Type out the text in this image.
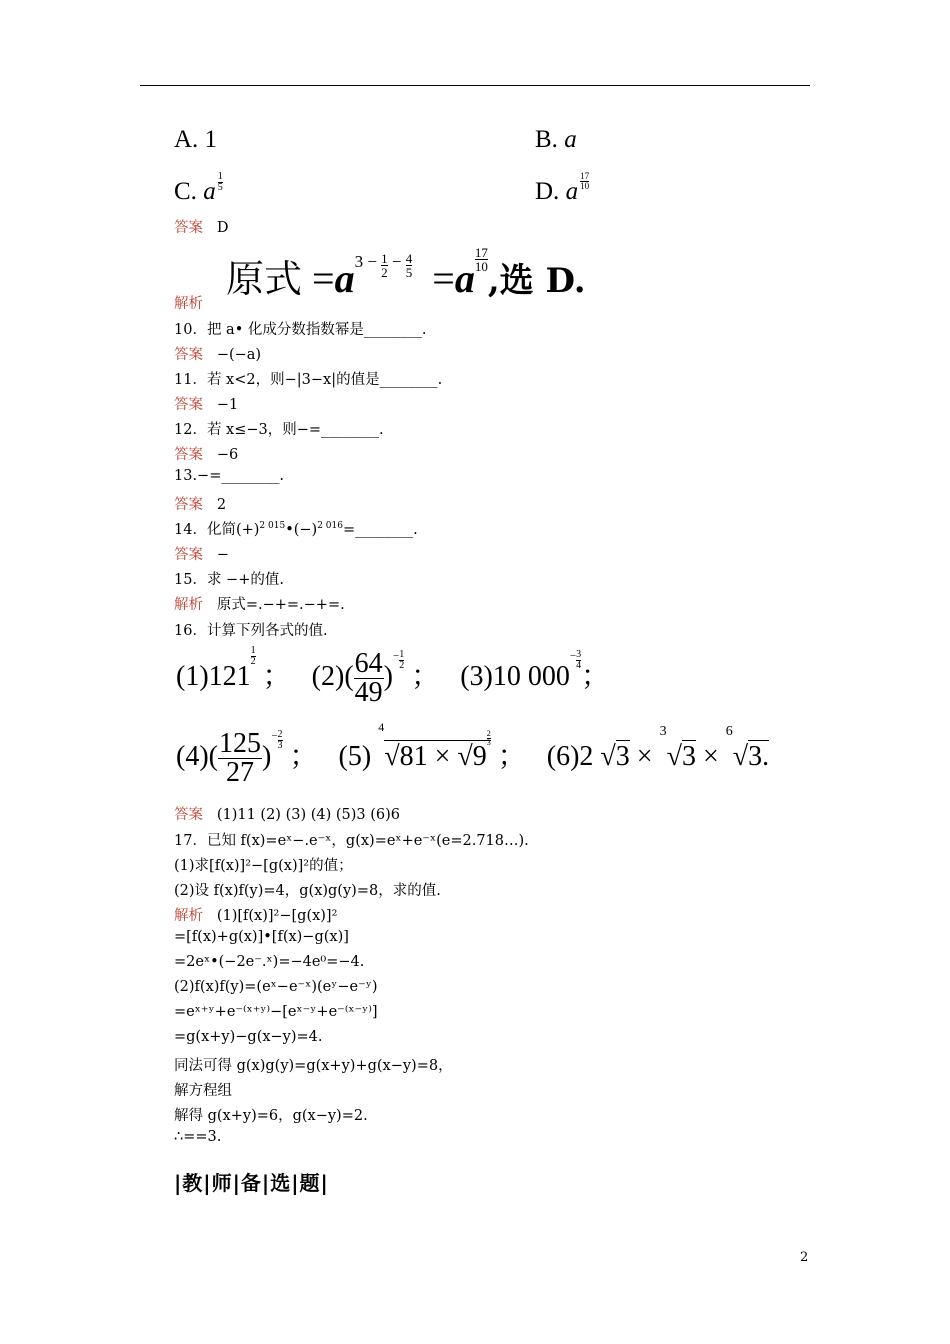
A. 1	B. a
C. a $\frac{1}{5}$	D. a $\frac{17}{10}$
答案 D
解析
原式 $=a^{3 - \frac{1}{2} - \frac{4}{5}} =a \frac{17}{10}$
,选 D.
10．把 a• 化成分数指数幂是________.
答案 −(−a)
11．若 x<2，则−|3−x|的值是________.
答案 −1
12．若 x≤−3，则−=________.
答案 −6
13.−=________.
答案 2
14．化简$(+)^{2 015}•(-)^{2 016}=\_\_\_\_\_\_\_\_$.
答案 −
15．求 −+的值.
解析 原式=.−+=.−+=.
16．计算下列各式的值.
(1)121
$\frac{1}{2}$
； $(2)( \frac{64}{49} )^- \frac{1}{2}$
； (3)10 $000^- \frac{3}{4}$
；
$(4)( \frac{125}{27} )^- \frac{2}{3}$
； (5) $^4$√81 × √9
$\frac{2}{3}$
； (6)2 √3 × $^3$√3 × $^6$√3.
答案 (1)11 (2) (3) (4) (5)3 (6)6
17．已知 f(x)=eˣ−.e⁻ˣ，g(x)=eˣ+e⁻ˣ(e=2.718…).
(1)求[f(x)]²−[g(x)]²的值；
(2)设 f(x)f(y)=4，g(x)g(y)=8，求的值.
解析 (1)[f(x)]²−[g(x)]²
=[f(x)+g(x)]•[f(x)−g(x)]
=2eˣ•(−2e⁻.ˣ)=−4e⁰=−4.
(2)f(x)f(y)=(eˣ−e⁻ˣ)(eʸ−e⁻ʸ)
=eˣ⁺ʸ+e⁻⁽ˣ⁺ʸ⁾−[eˣ⁻ʸ+e⁻⁽ˣ⁻ʸ⁾]
=g(x+y)−g(x−y)=4.
同法可得 g(x)g(y)=g(x+y)+g(x−y)=8，
解方程组
解得 g(x+y)=6，g(x−y)=2.
∴==3.
|教|师|备|选|题|
2
